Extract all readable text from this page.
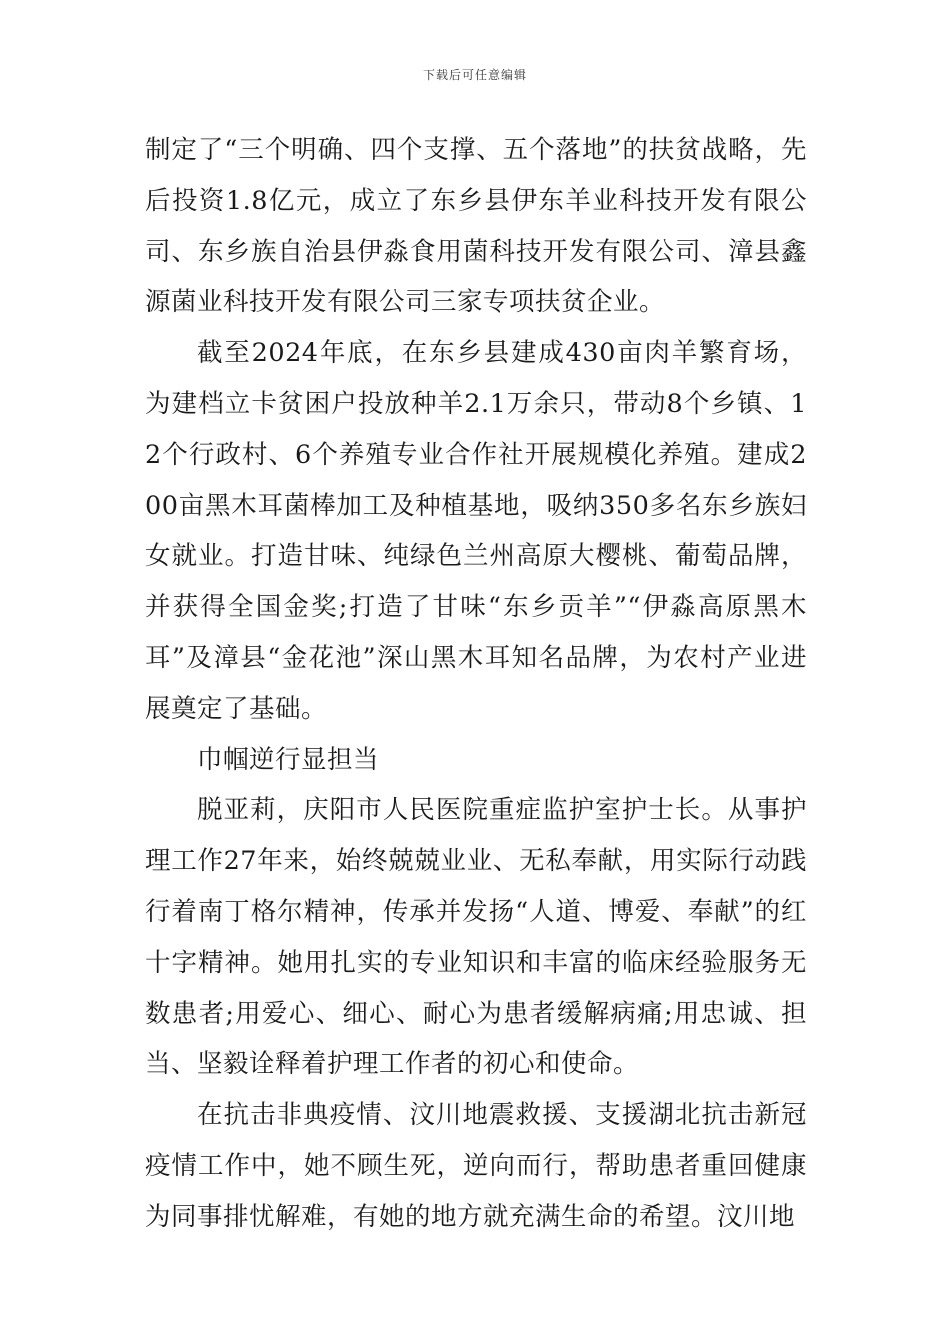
下载后可任意编辑

制定了“三个明确、四个支撑、五个落地”的扶贫战略，先后投资1.8亿元，成立了东乡县伊东羊业科技开发有限公司、东乡族自治县伊淼食用菌科技开发有限公司、漳县鑫源菌业科技开发有限公司三家专项扶贫企业。

截至2024年底，在东乡县建成430亩肉羊繁育场，为建档立卡贫困户投放种羊2.1万余只，带动8个乡镇、12个行政村、6个养殖专业合作社开展规模化养殖。建成200亩黑木耳菌棒加工及种植基地，吸纳350多名东乡族妇女就业。打造甘味、纯绿色兰州高原大樱桃、葡萄品牌，并获得全国金奖;打造了甘味“东乡贡羊”“伊淼高原黑木耳”及漳县“金花池”深山黑木耳知名品牌，为农村产业进展奠定了基础。

巾帼逆行显担当

脱亚莉，庆阳市人民医院重症监护室护士长。从事护理工作27年来，始终兢兢业业、无私奉献，用实际行动践行着南丁格尔精神，传承并发扬“人道、博爱、奉献”的红十字精神。她用扎实的专业知识和丰富的临床经验服务无数患者;用爱心、细心、耐心为患者缓解病痛;用忠诚、担当、坚毅诠释着护理工作者的初心和使命。

在抗击非典疫情、汶川地震救援、支援湖北抗击新冠疫情工作中，她不顾生死，逆向而行，帮助患者重回健康为同事排忧解难，有她的地方就充满生命的希望。汶川地
